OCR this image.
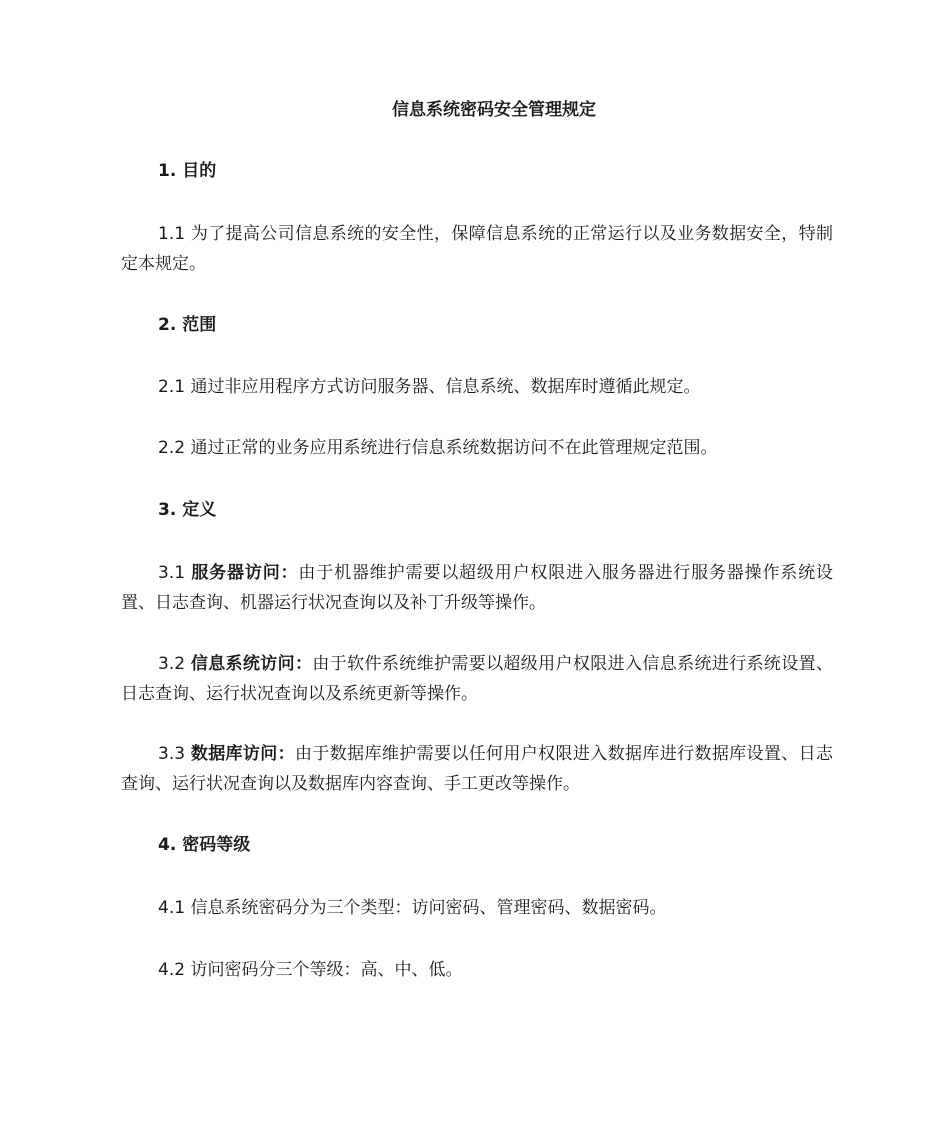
信息系统密码安全管理规定
1. 目的
1.1 为了提高公司信息系统的安全性，保障信息系统的正常运行以及业务数据安全，特制定本规定。
2. 范围
2.1 通过非应用程序方式访问服务器、信息系统、数据库时遵循此规定。
2.2 通过正常的业务应用系统进行信息系统数据访问不在此管理规定范围。
3. 定义
3.1 服务器访问：由于机器维护需要以超级用户权限进入服务器进行服务器操作系统设置、日志查询、机器运行状况查询以及补丁升级等操作。
3.2 信息系统访问：由于软件系统维护需要以超级用户权限进入信息系统进行系统设置、日志查询、运行状况查询以及系统更新等操作。
3.3 数据库访问：由于数据库维护需要以任何用户权限进入数据库进行数据库设置、日志查询、运行状况查询以及数据库内容查询、手工更改等操作。
4. 密码等级
4.1 信息系统密码分为三个类型：访问密码、管理密码、数据密码。
4.2 访问密码分三个等级：高、中、低。
